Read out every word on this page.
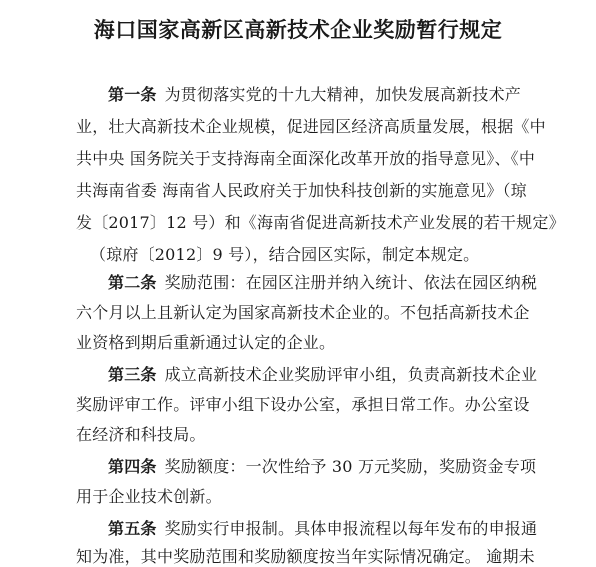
海口国家高新区高新技术企业奖励暂行规定
第一条 为贯彻落实党的十九大精神，加快发展高新技术产
业，壮大高新技术企业规模，促进园区经济高质量发展，根据《中
共中央 国务院关于支持海南全面深化改革开放的指导意见》、《中
共海南省委 海南省人民政府关于加快科技创新的实施意见》（琼
发〔2017〕12 号）和《海南省促进高新技术产业发展的若干规定》
（琼府〔2012〕9 号），结合园区实际，制定本规定。
第二条 奖励范围：在园区注册并纳入统计、依法在园区纳税
六个月以上且新认定为国家高新技术企业的。不包括高新技术企
业资格到期后重新通过认定的企业。
第三条 成立高新技术企业奖励评审小组，负责高新技术企业
奖励评审工作。评审小组下设办公室，承担日常工作。办公室设
在经济和科技局。
第四条 奖励额度：一次性给予 30 万元奖励，奖励资金专项
用于企业技术创新。
第五条 奖励实行申报制。具体申报流程以每年发布的申报通
知为准，其中奖励范围和奖励额度按当年实际情况确定。 逾期未
